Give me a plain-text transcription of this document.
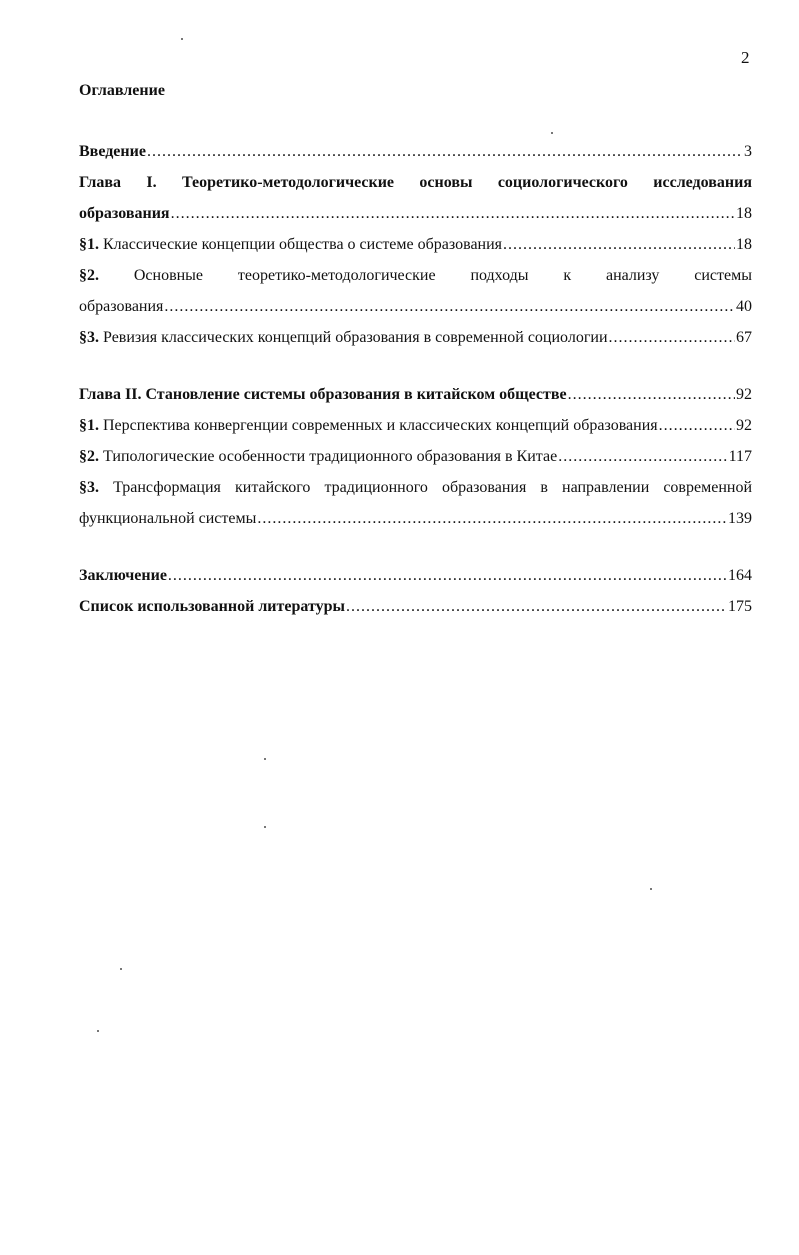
2
Оглавление
Введение .....	3
Глава I. Теоретико-методологические основы социологического исследования
образования .....	18
§1. Классические концепции общества о системе образования .....	18
§2. Основные теоретико-методологические подходы к анализу системы
образования .....	40
§3. Ревизия классических концепций образования в современной социологии .....	67
Глава II. Становление системы образования в китайском обществе .....	92
§1. Перспектива конвергенции современных и классических концепций образования .....	92
§2. Типологические особенности традиционного образования в Китае .....	117
§3. Трансформация китайского традиционного образования в направлении современной
функциональной системы .....	139
Заключение .....	164
Список использованной литературы .....	175
